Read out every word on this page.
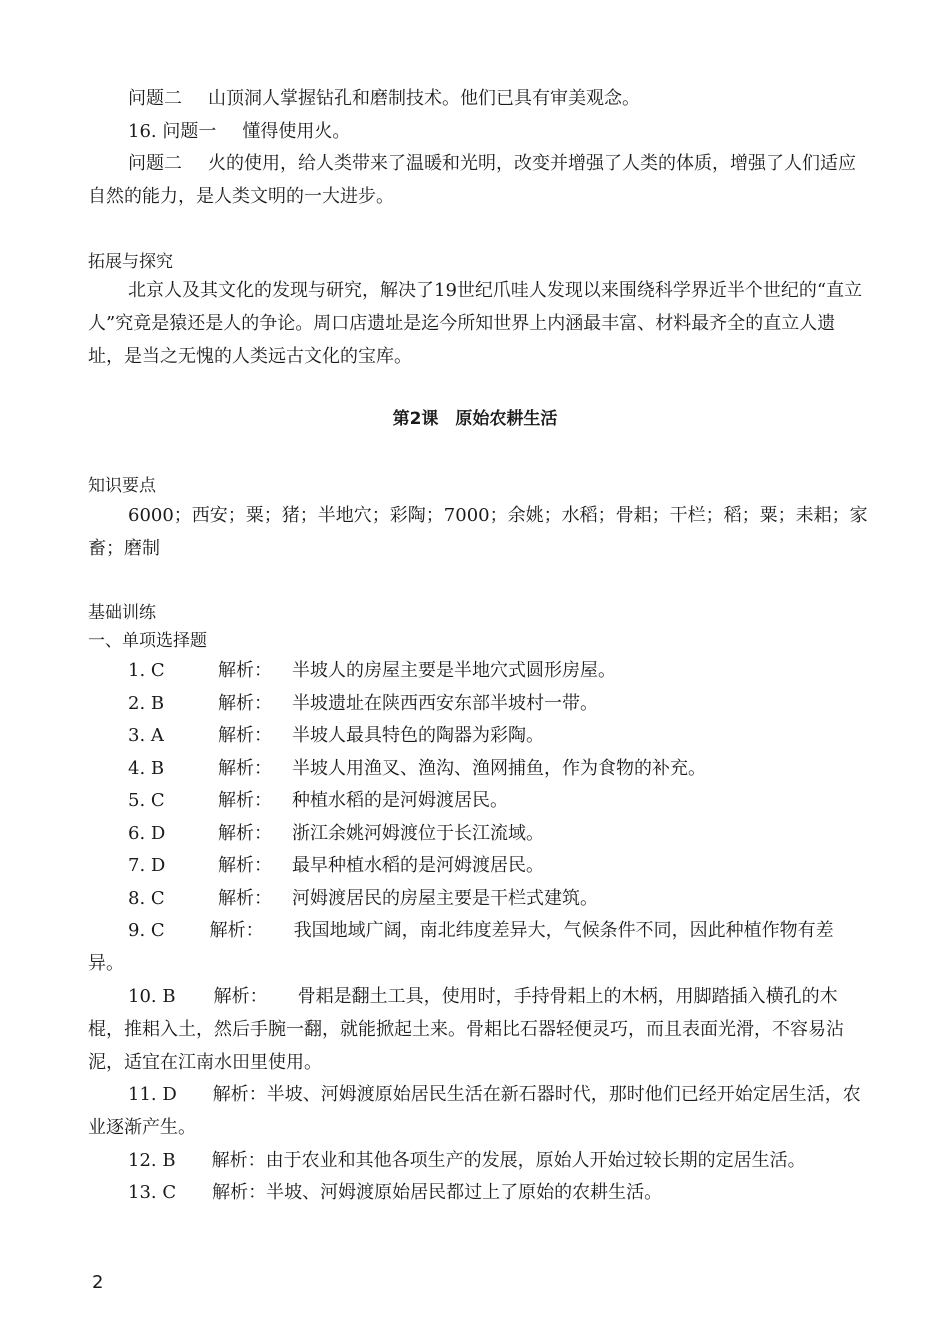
问题二 山顶洞人掌握钻孔和磨制技术。他们已具有审美观念。

16. 问题一 懂得使用火。

问题二 火的使用，给人类带来了温暖和光明，改变并增强了人类的体质，增强了人们适应自然的能力，是人类文明的一大进步。

拓展与探究

北京人及其文化的发现与研究，解决了19世纪爪哇人发现以来围绕科学界近半个世纪的“直立人”究竟是猿还是人的争论。周口店遗址是迄今所知世界上内涵最丰富、材料最齐全的直立人遗址，是当之无愧的人类远古文化的宝库。

第2课　原始农耕生活
知识要点

6000；西安；粟；猪；半地穴；彩陶；7000；余姚；水稻；骨耜；干栏；稻；粟；耒耜；家畜；磨制

基础训练
一、单项选择题
1. C	解析： 半坡人的房屋主要是半地穴式圆形房屋。
2. B	解析： 半坡遗址在陕西西安东部半坡村一带。
3. A	解析： 半坡人最具特色的陶器为彩陶。
4. B	解析： 半坡人用渔叉、渔沟、渔网捕鱼，作为食物的补充。
5. C	解析： 种植水稻的是河姆渡居民。
6. D	解析： 浙江余姚河姆渡位于长江流域。
7. D	解析： 最早种植水稻的是河姆渡居民。
8. C	解析： 河姆渡居民的房屋主要是干栏式建筑。

9. C	解析： 我国地域广阔，南北纬度差异大，气候条件不同，因此种植作物有差异。

10. B 解析： 骨耜是翻土工具，使用时，手持骨耜上的木柄，用脚踏插入横孔的木棍，推耜入土，然后手腕一翻，就能掀起土来。骨耜比石器轻便灵巧，而且表面光滑，不容易沾泥，适宜在江南水田里使用。

11. D 解析：半坡、河姆渡原始居民生活在新石器时代，那时他们已经开始定居生活，农业逐渐产生。

12. B 解析：由于农业和其他各项生产的发展，原始人开始过较长期的定居生活。

13. C 解析：半坡、河姆渡原始居民都过上了原始的农耕生活。

2
